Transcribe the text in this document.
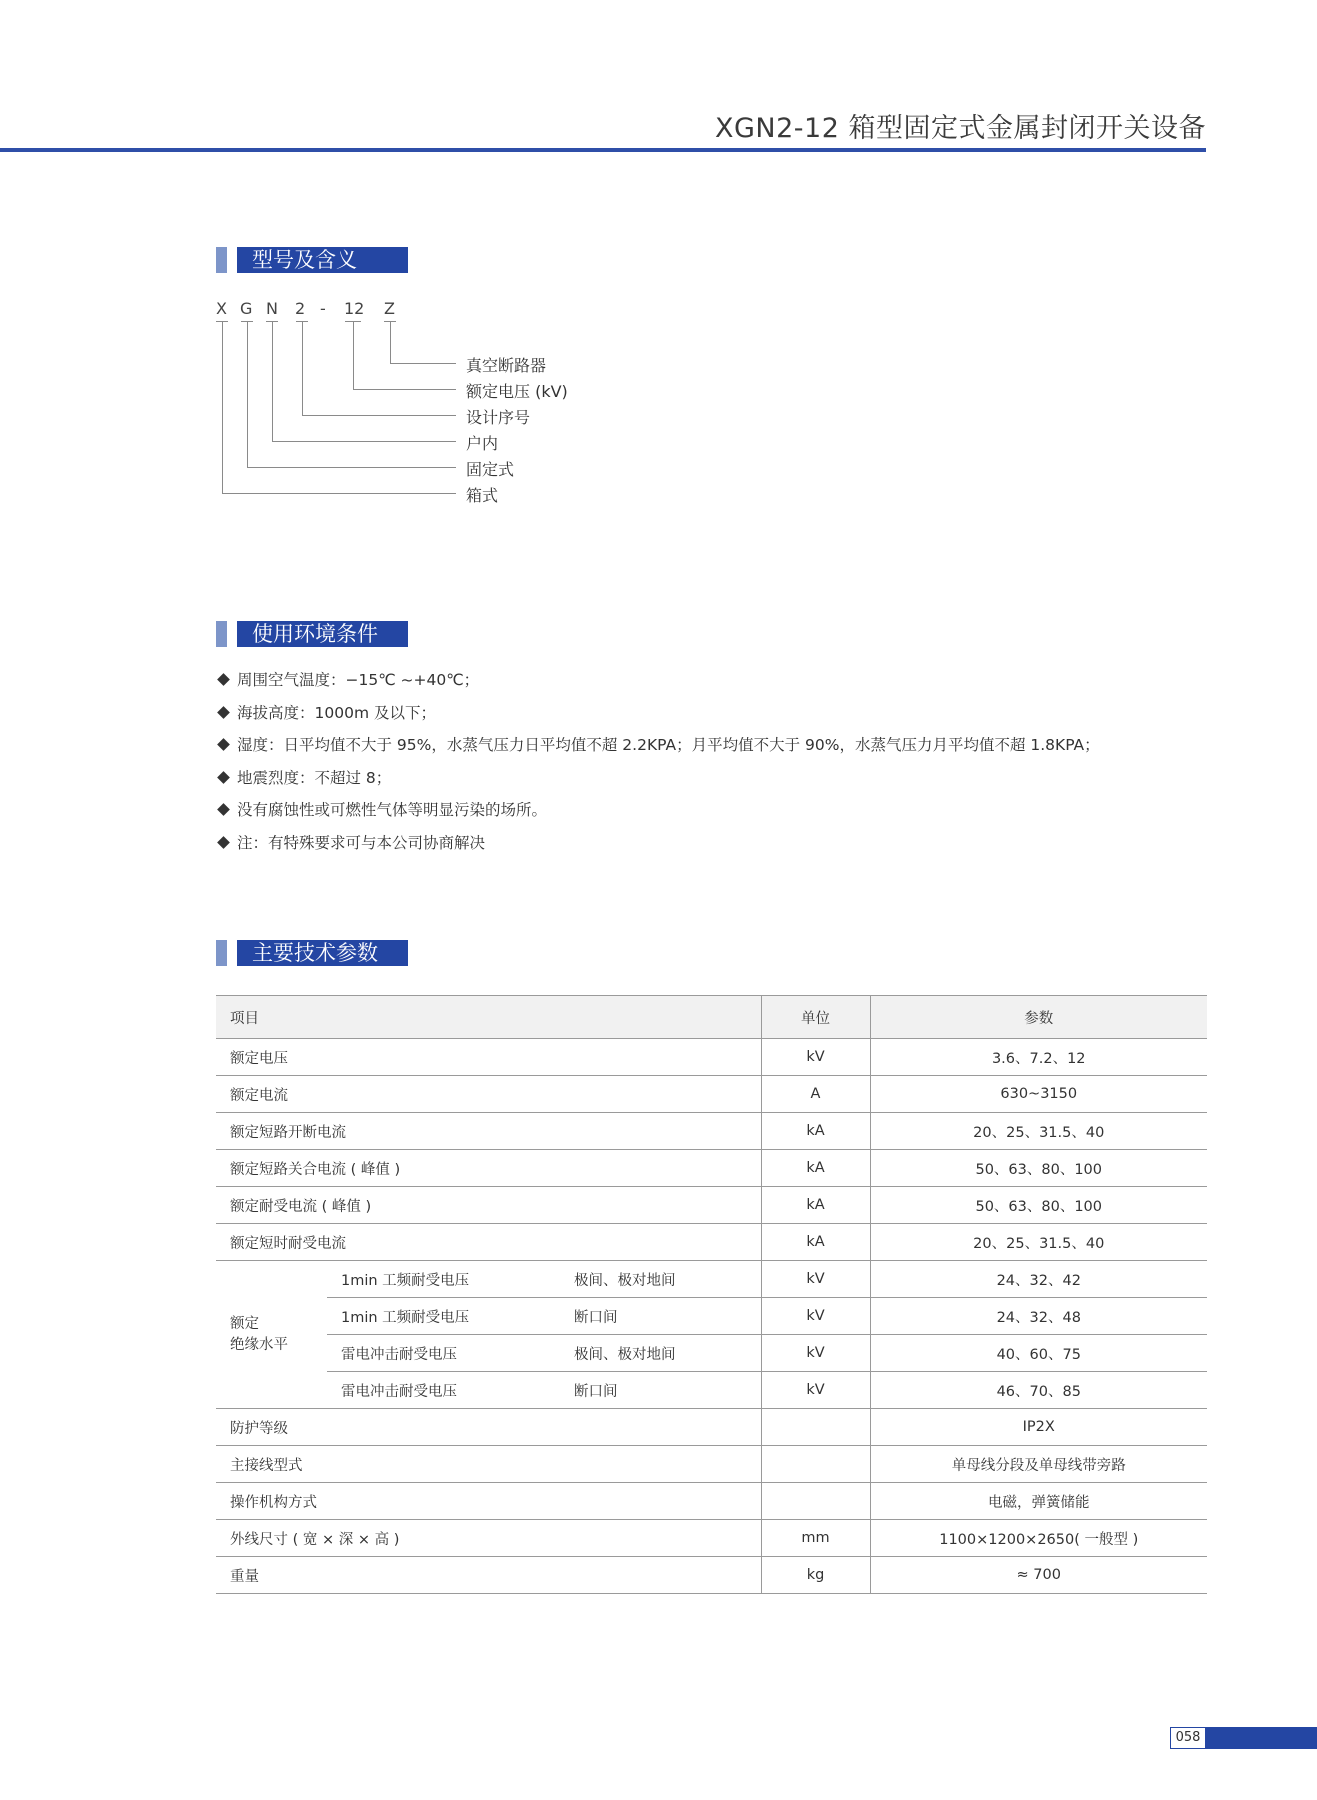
XGN2-12 箱型固定式金属封闭开关设备
型号及含义
X G N 2 - 12 Z
真空断路器
额定电压 (kV)
设计序号
户内
固定式
箱式
使用环境条件
周围空气温度：−15℃ ~+40℃；
海拔高度：1000m 及以下；
湿度：日平均值不大于 95%，水蒸气压力日平均值不超 2.2KPA；月平均值不大于 90%，水蒸气压力月平均值不超 1.8KPA；
地震烈度：不超过 8；
没有腐蚀性或可燃性气体等明显污染的场所。
注：有特殊要求可与本公司协商解决
主要技术参数
项目			单位	参数
额定电压			kV	3.6、7.2、12
额定电流			A	630~3150
额定短路开断电流			kA	20、25、31.5、40
额定短路关合电流 ( 峰值 )			kA	50、63、80、100
额定耐受电流 ( 峰值 )			kA	50、63、80、100
额定短时耐受电流			kA	20、25、31.5、40
额定
绝缘水平	1min 工频耐受电压	极间、极对地间	kV	24、32、42
	1min 工频耐受电压	断口间	kV	24、32、48
	雷电冲击耐受电压	极间、极对地间	kV	40、60、75
	雷电冲击耐受电压	断口间	kV	46、70、85
防护等级				IP2X
主接线型式				单母线分段及单母线带旁路
操作机构方式				电磁，弹簧储能
外线尺寸 ( 宽 × 深 × 高 )			mm	1100×1200×2650( 一般型 )
重量			kg	≈ 700
058
